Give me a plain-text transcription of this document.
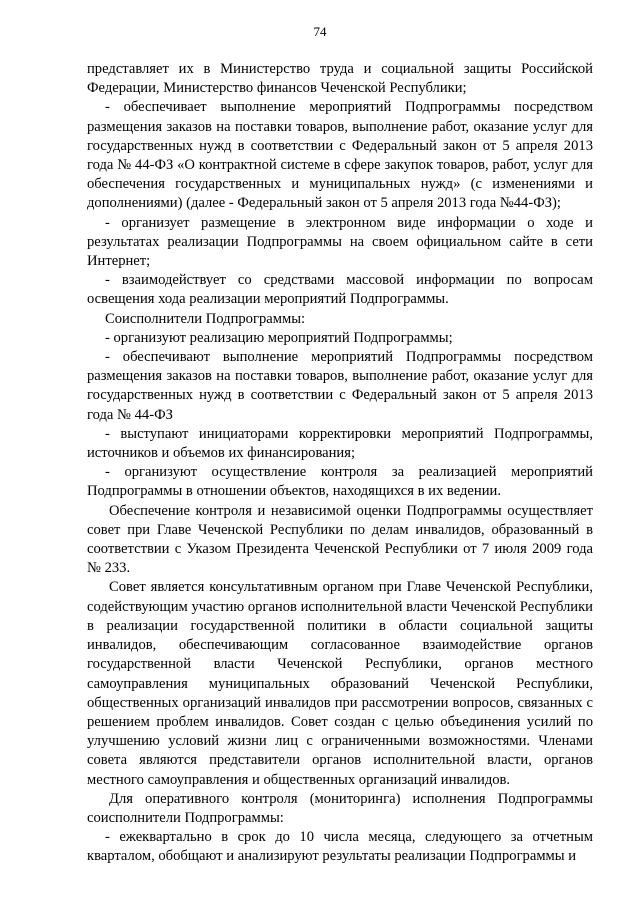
74

представляет их в Министерство труда и социальной защиты Российской Федерации, Министерство финансов Чеченской Республики;

- обеспечивает выполнение мероприятий Подпрограммы посредством размещения заказов на поставки товаров, выполнение работ, оказание услуг для государственных нужд в соответствии с Федеральный закон от 5 апреля 2013 года № 44-ФЗ «О контрактной системе в сфере закупок товаров, работ, услуг для обеспечения государственных и муниципальных нужд» (с изменениями и дополнениями) (далее - Федеральный закон от 5 апреля 2013 года №44-ФЗ);

- организует размещение в электронном виде информации о ходе и результатах реализации Подпрограммы на своем официальном сайте в сети Интернет;

- взаимодействует со средствами массовой информации по вопросам освещения хода реализации мероприятий Подпрограммы.

Соисполнители Подпрограммы:

- организуют реализацию мероприятий Подпрограммы;

- обеспечивают выполнение мероприятий Подпрограммы посредством размещения заказов на поставки товаров, выполнение работ, оказание услуг для государственных нужд в соответствии с Федеральный закон от 5 апреля 2013 года № 44-ФЗ

- выступают инициаторами корректировки мероприятий Подпрограммы, источников и объемов их финансирования;

- организуют осуществление контроля за реализацией мероприятий Подпрограммы в отношении объектов, находящихся в их ведении.

Обеспечение контроля и независимой оценки Подпрограммы осуществляет совет при Главе Чеченской Республики по делам инвалидов, образованный в соответствии с Указом Президента Чеченской Республики от 7 июля 2009 года № 233.

Совет является консультативным органом при Главе Чеченской Республики, содействующим участию органов исполнительной власти Чеченской Республики в реализации государственной политики в области социальной защиты инвалидов, обеспечивающим согласованное взаимодействие органов государственной власти Чеченской Республики, органов местного самоуправления муниципальных образований Чеченской Республики, общественных организаций инвалидов при рассмотрении вопросов, связанных с решением проблем инвалидов. Совет создан с целью объединения усилий по улучшению условий жизни лиц с ограниченными возможностями. Членами совета являются представители органов исполнительной власти, органов местного самоуправления и общественных организаций инвалидов.

Для оперативного контроля (мониторинга) исполнения Подпрограммы соисполнители Подпрограммы:

- ежеквартально в срок до 10 числа месяца, следующего за отчетным кварталом, обобщают и анализируют результаты реализации Подпрограммы и
